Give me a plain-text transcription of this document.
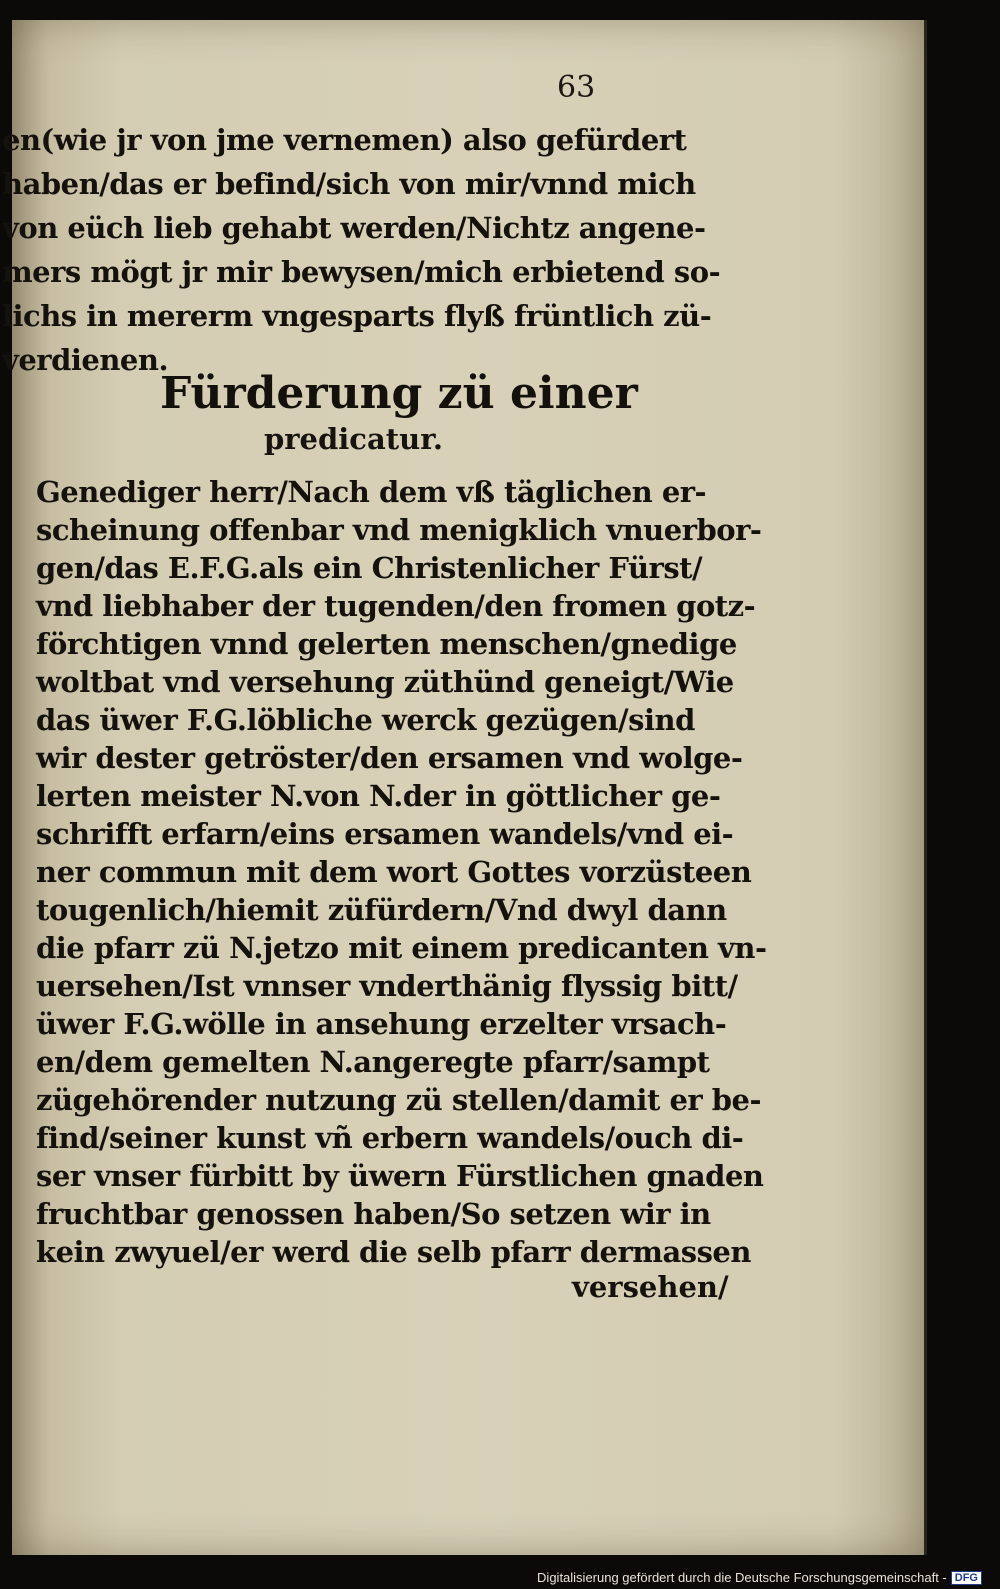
63
en(wie jr von jme vernemen) also gefürdert
haben/das er befind/sich von mir/vnnd mich
von eüch lieb gehabt werden/Nichtz angene-
mers mögt jr mir bewysen/mich erbietend so-
lichs in mererm vngesparts flyß früntlich zü-
verdienen.
Fürderung zü einer
predicatur.
Genediger herr/Nach dem vß täglichen er-
scheinung offenbar vnd menigklich vnuerbor-
gen/das E.F.G.als ein Christenlicher Fürst/
vnd liebhaber der tugenden/den fromen gotz-
förchtigen vnnd gelerten menschen/gnedige
woltbat vnd versehung züthünd geneigt/Wie
das üwer F.G.löbliche werck gezügen/sind
wir dester getröster/den ersamen vnd wolge-
lerten meister N.von N.der in göttlicher ge-
schrifft erfarn/eins ersamen wandels/vnd ei-
ner commun mit dem wort Gottes vorzüsteen
tougenlich/hiemit züfürdern/Vnd dwyl dann
die pfarr zü N.jetzo mit einem predicanten vn-
uersehen/Ist vnnser vnderthänig flyssig bitt/
üwer F.G.wölle in ansehung erzelter vrsach-
en/dem gemelten N.angeregte pfarr/sampt
zügehörender nutzung zü stellen/damit er be-
find/seiner kunst vñ erbern wandels/ouch di-
ser vnser fürbitt by üwern Fürstlichen gnaden
fruchtbar genossen haben/So setzen wir in
kein zwyuel/er werd die selb pfarr dermassen
versehen/
Digitalisierung gefördert durch die Deutsche Forschungsgemeinschaft - DFG
